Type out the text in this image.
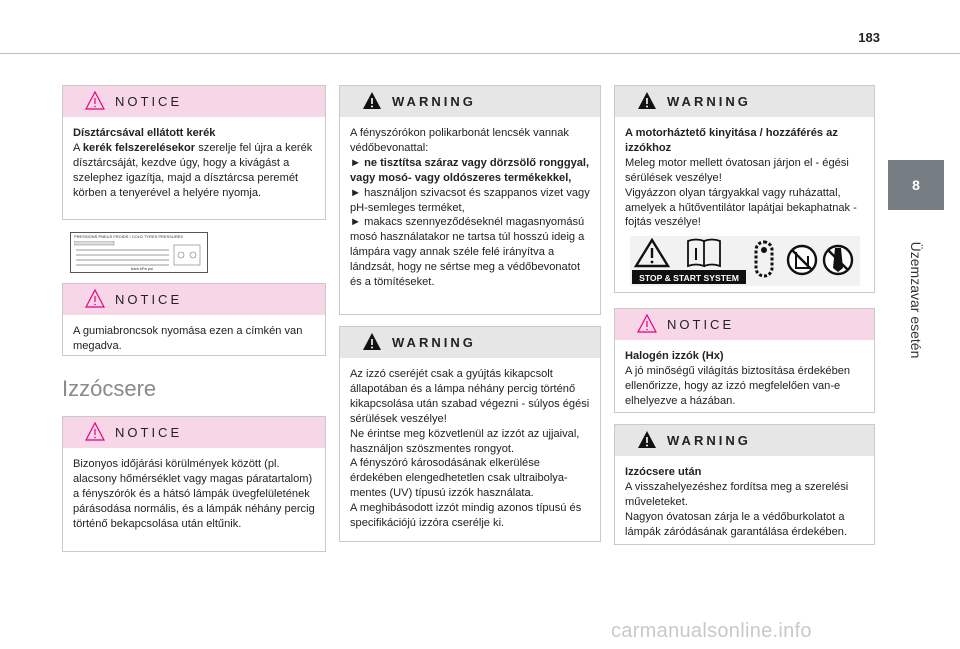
183
8
Üzemzavar esetén
NOTICE

Dísztárcsával ellátott kerék

A kerék felszerelésekor szerelje fel újra a kerék dísztárcsáját, kezdve úgy, hogy a kivágást a szelephez igazítja, majd a dísztárcsa peremét körben a tenyerével a helyére nyomja.

PRESSIONS PNEUS FROIDS / COLD TYRES PRESSURES
bars kPa psi
NOTICE

A gumiabroncsok nyomása ezen a címkén van megadva.

Izzócsere
NOTICE

Bizonyos időjárási körülmények között (pl. alacsony hőmérséklet vagy magas páratartalom) a fényszórók és a hátsó lámpák üvegfelületének párásodása normális, és a lámpák néhány percig történő bekapcsolása után eltűnik.

WARNING

A fényszórókon polikarbonát lencsék vannak védőbevonattal:

► ne tisztítsa száraz vagy dörzsölő ronggyal, vagy mosó- vagy oldószeres termékekkel,

► használjon szivacsot és szappanos vizet vagy pH-semleges terméket,

► makacs szennyeződéseknél magasnyomású mosó használatakor ne tartsa túl hosszú ideig a lámpára vagy annak széle felé irányítva a lándzsát, hogy ne sértse meg a védőbevonatot és a tömítéseket.

WARNING

Az izzó cseréjét csak a gyújtás kikapcsolt állapotában és a lámpa néhány percig történő kikapcsolása után szabad végezni - súlyos égési sérülések veszélye!

Ne érintse meg közvetlenül az izzót az ujjaival, használjon szöszmentes rongyot.

A fényszóró károsodásának elkerülése érdekében elengedhetetlen csak ultraibolya-mentes (UV) típusú izzók használata.

A meghibásodott izzót mindig azonos típusú és specifikációjú izzóra cserélje ki.

WARNING

A motorháztető kinyitása / hozzáférés az izzókhoz

Meleg motor mellett óvatosan járjon el - égési sérülések veszélye!

Vigyázzon olyan tárgyakkal vagy ruházattal, amelyek a hűtőventilátor lapátjai bekaphatnak - fojtás veszélye!

STOP & START SYSTEM
NOTICE

Halogén izzók (Hx)

A jó minőségű világítás biztosítása érdekében ellenőrizze, hogy az izzó megfelelően van-e elhelyezve a házában.

WARNING

Izzócsere után

A visszahelyezéshez fordítsa meg a szerelési műveleteket.

Nagyon óvatosan zárja le a védőburkolatot a lámpák záródásának garantálása érdekében.

carmanualsonline.info
